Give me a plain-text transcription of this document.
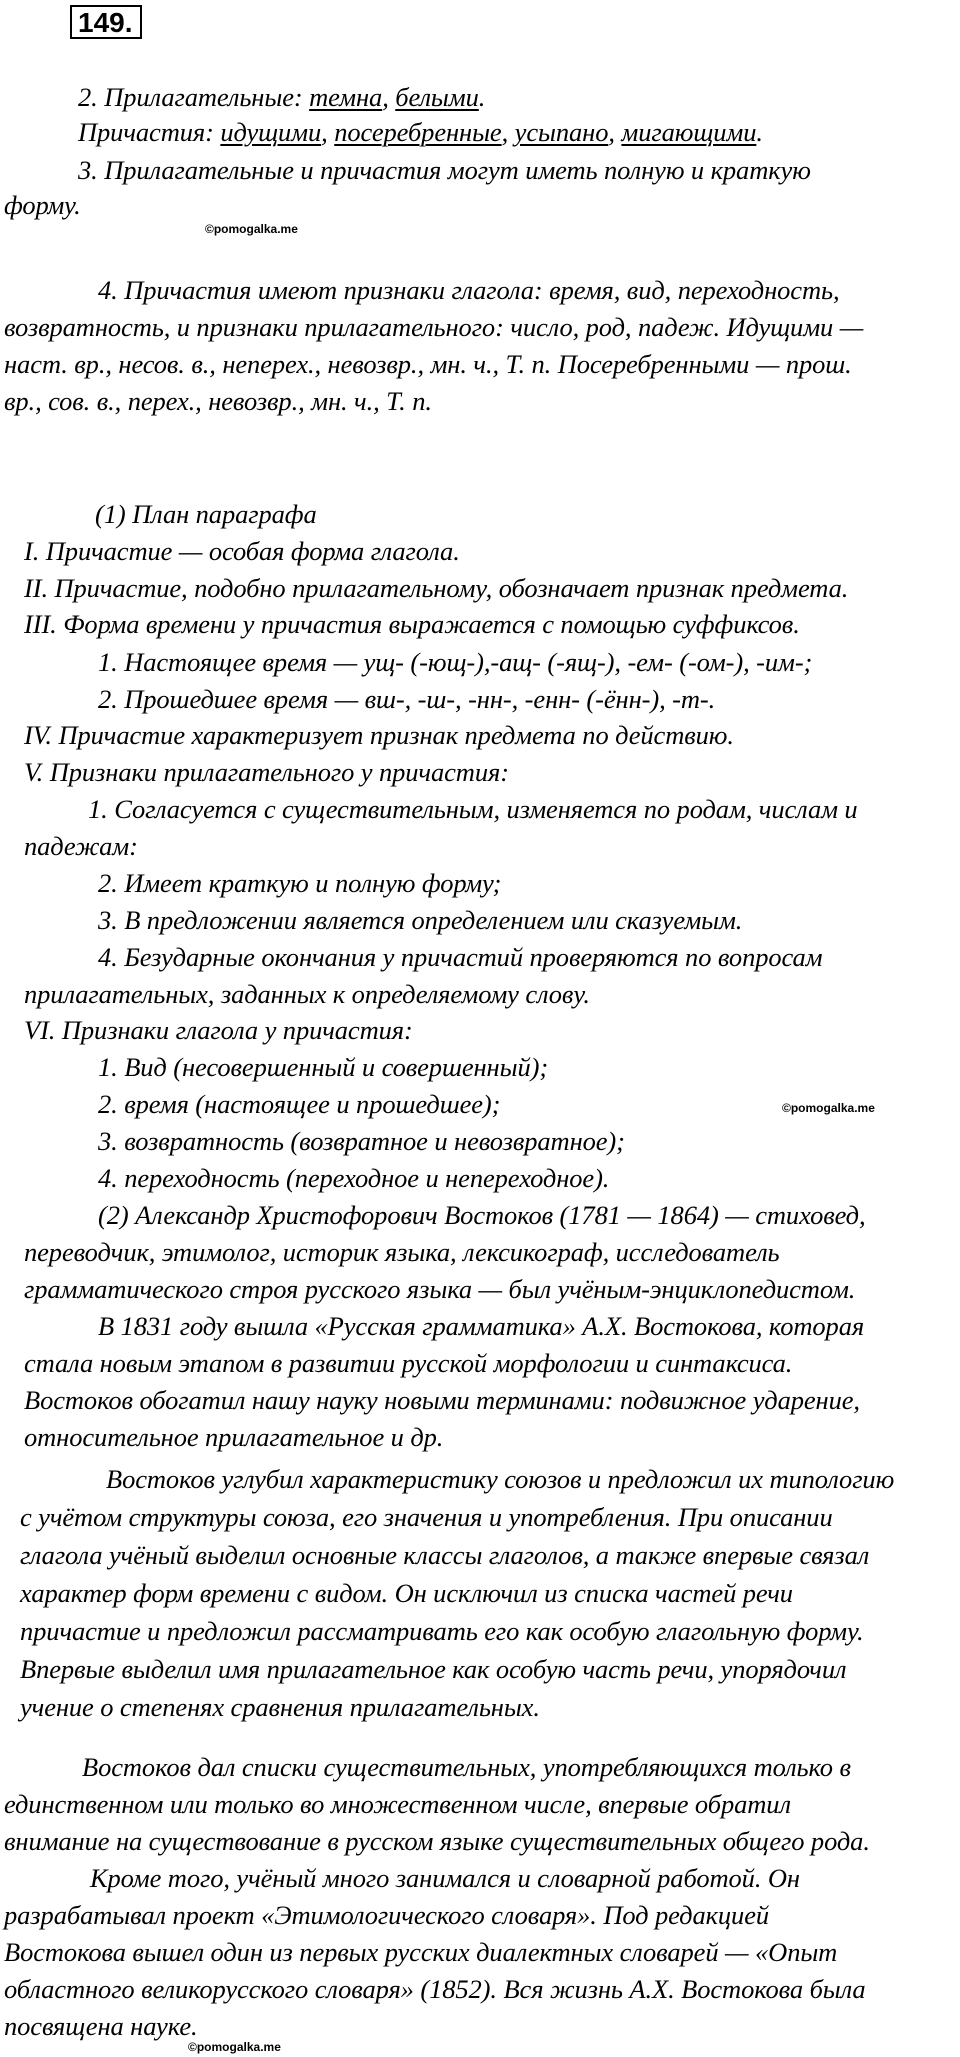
149.
2. Прилагательные: темна, белыми.
Причастия: идущими, посеребренные, усыпано, мигающими.
3. Прилагательные и причастия могут иметь полную и краткую
форму.
©pomogalka.me
4. Причастия имеют признаки глагола: время, вид, переходность,
возвратность, и признаки прилагательного: число, род, падеж. Идущими —
наст. вр., несов. в., неперех., невозвр., мн. ч., Т. п. Посеребренными — прош.
вр., сов. в., перех., невозвр., мн. ч., Т. п.
(1) План параграфа
I. Причастие — особая форма глагола.
II. Причастие, подобно прилагательному, обозначает признак предмета.
III. Форма времени у причастия выражается с помощью суффиксов.
1. Настоящее время — ущ- (-ющ-),-ащ- (-ящ-), -ем- (-ом-), -им-;
2. Прошедшее время — вш-, -ш-, -нн-, -енн- (-ённ-), -т-.
IV. Причастие характеризует признак предмета по действию.
V. Признаки прилагательного у причастия:
1. Согласуется с существительным, изменяется по родам, числам и
падежам:
2. Имеет краткую и полную форму;
3. В предложении является определением или сказуемым.
4. Безударные окончания у причастий проверяются по вопросам
прилагательных, заданных к определяемому слову.
VI. Признаки глагола у причастия:
1. Вид (несовершенный и совершенный);
2. время (настоящее и прошедшее);
3. возвратность (возвратное и невозвратное);
4. переходность (переходное и непереходное).
©pomogalka.me
(2) Александр Христофорович Востоков (1781 — 1864) — стиховед,
переводчик, этимолог, историк языка, лексикограф, исследователь
грамматического строя русского языка — был учёным-энциклопедистом.
В 1831 году вышла «Русская грамматика» А.Х. Востокова, которая
стала новым этапом в развитии русской морфологии и синтаксиса.
Востоков обогатил нашу науку новыми терминами: подвижное ударение,
относительное прилагательное и др.
Востоков углубил характеристику союзов и предложил их типологию
с учётом структуры союза, его значения и употребления. При описании
глагола учёный выделил основные классы глаголов, а также впервые связал
характер форм времени с видом. Он исключил из списка частей речи
причастие и предложил рассматривать его как особую глагольную форму.
Впервые выделил имя прилагательное как особую часть речи, упорядочил
учение о степенях сравнения прилагательных.
Востоков дал списки существительных, употребляющихся только в
единственном или только во множественном числе, впервые обратил
внимание на существование в русском языке существительных общего рода.
Кроме того, учёный много занимался и словарной работой. Он
разрабатывал проект «Этимологического словаря». Под редакцией
Востокова вышел один из первых русских диалектных словарей — «Опыт
областного великорусского словаря» (1852). Вся жизнь А.Х. Востокова была
посвящена науке.
©pomogalka.me
